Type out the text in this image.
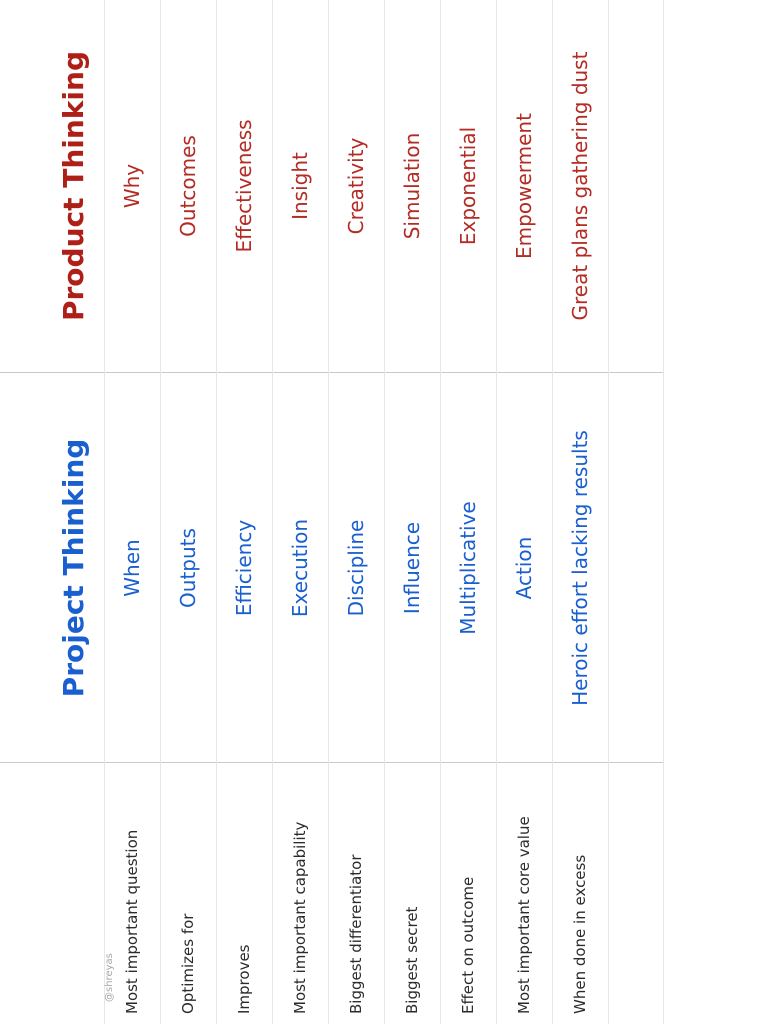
@shreyas
Project Thinking
Product Thinking
Most important question
When
Why
Optimizes for
Outputs
Outcomes
Improves
Efficiency
Effectiveness
Most important capability
Execution
Insight
Biggest differentiator
Discipline
Creativity
Biggest secret
Influence
Simulation
Effect on outcome
Multiplicative
Exponential
Most important core value
Action
Empowerment
When done in excess
Heroic effort lacking results
Great plans gathering dust
